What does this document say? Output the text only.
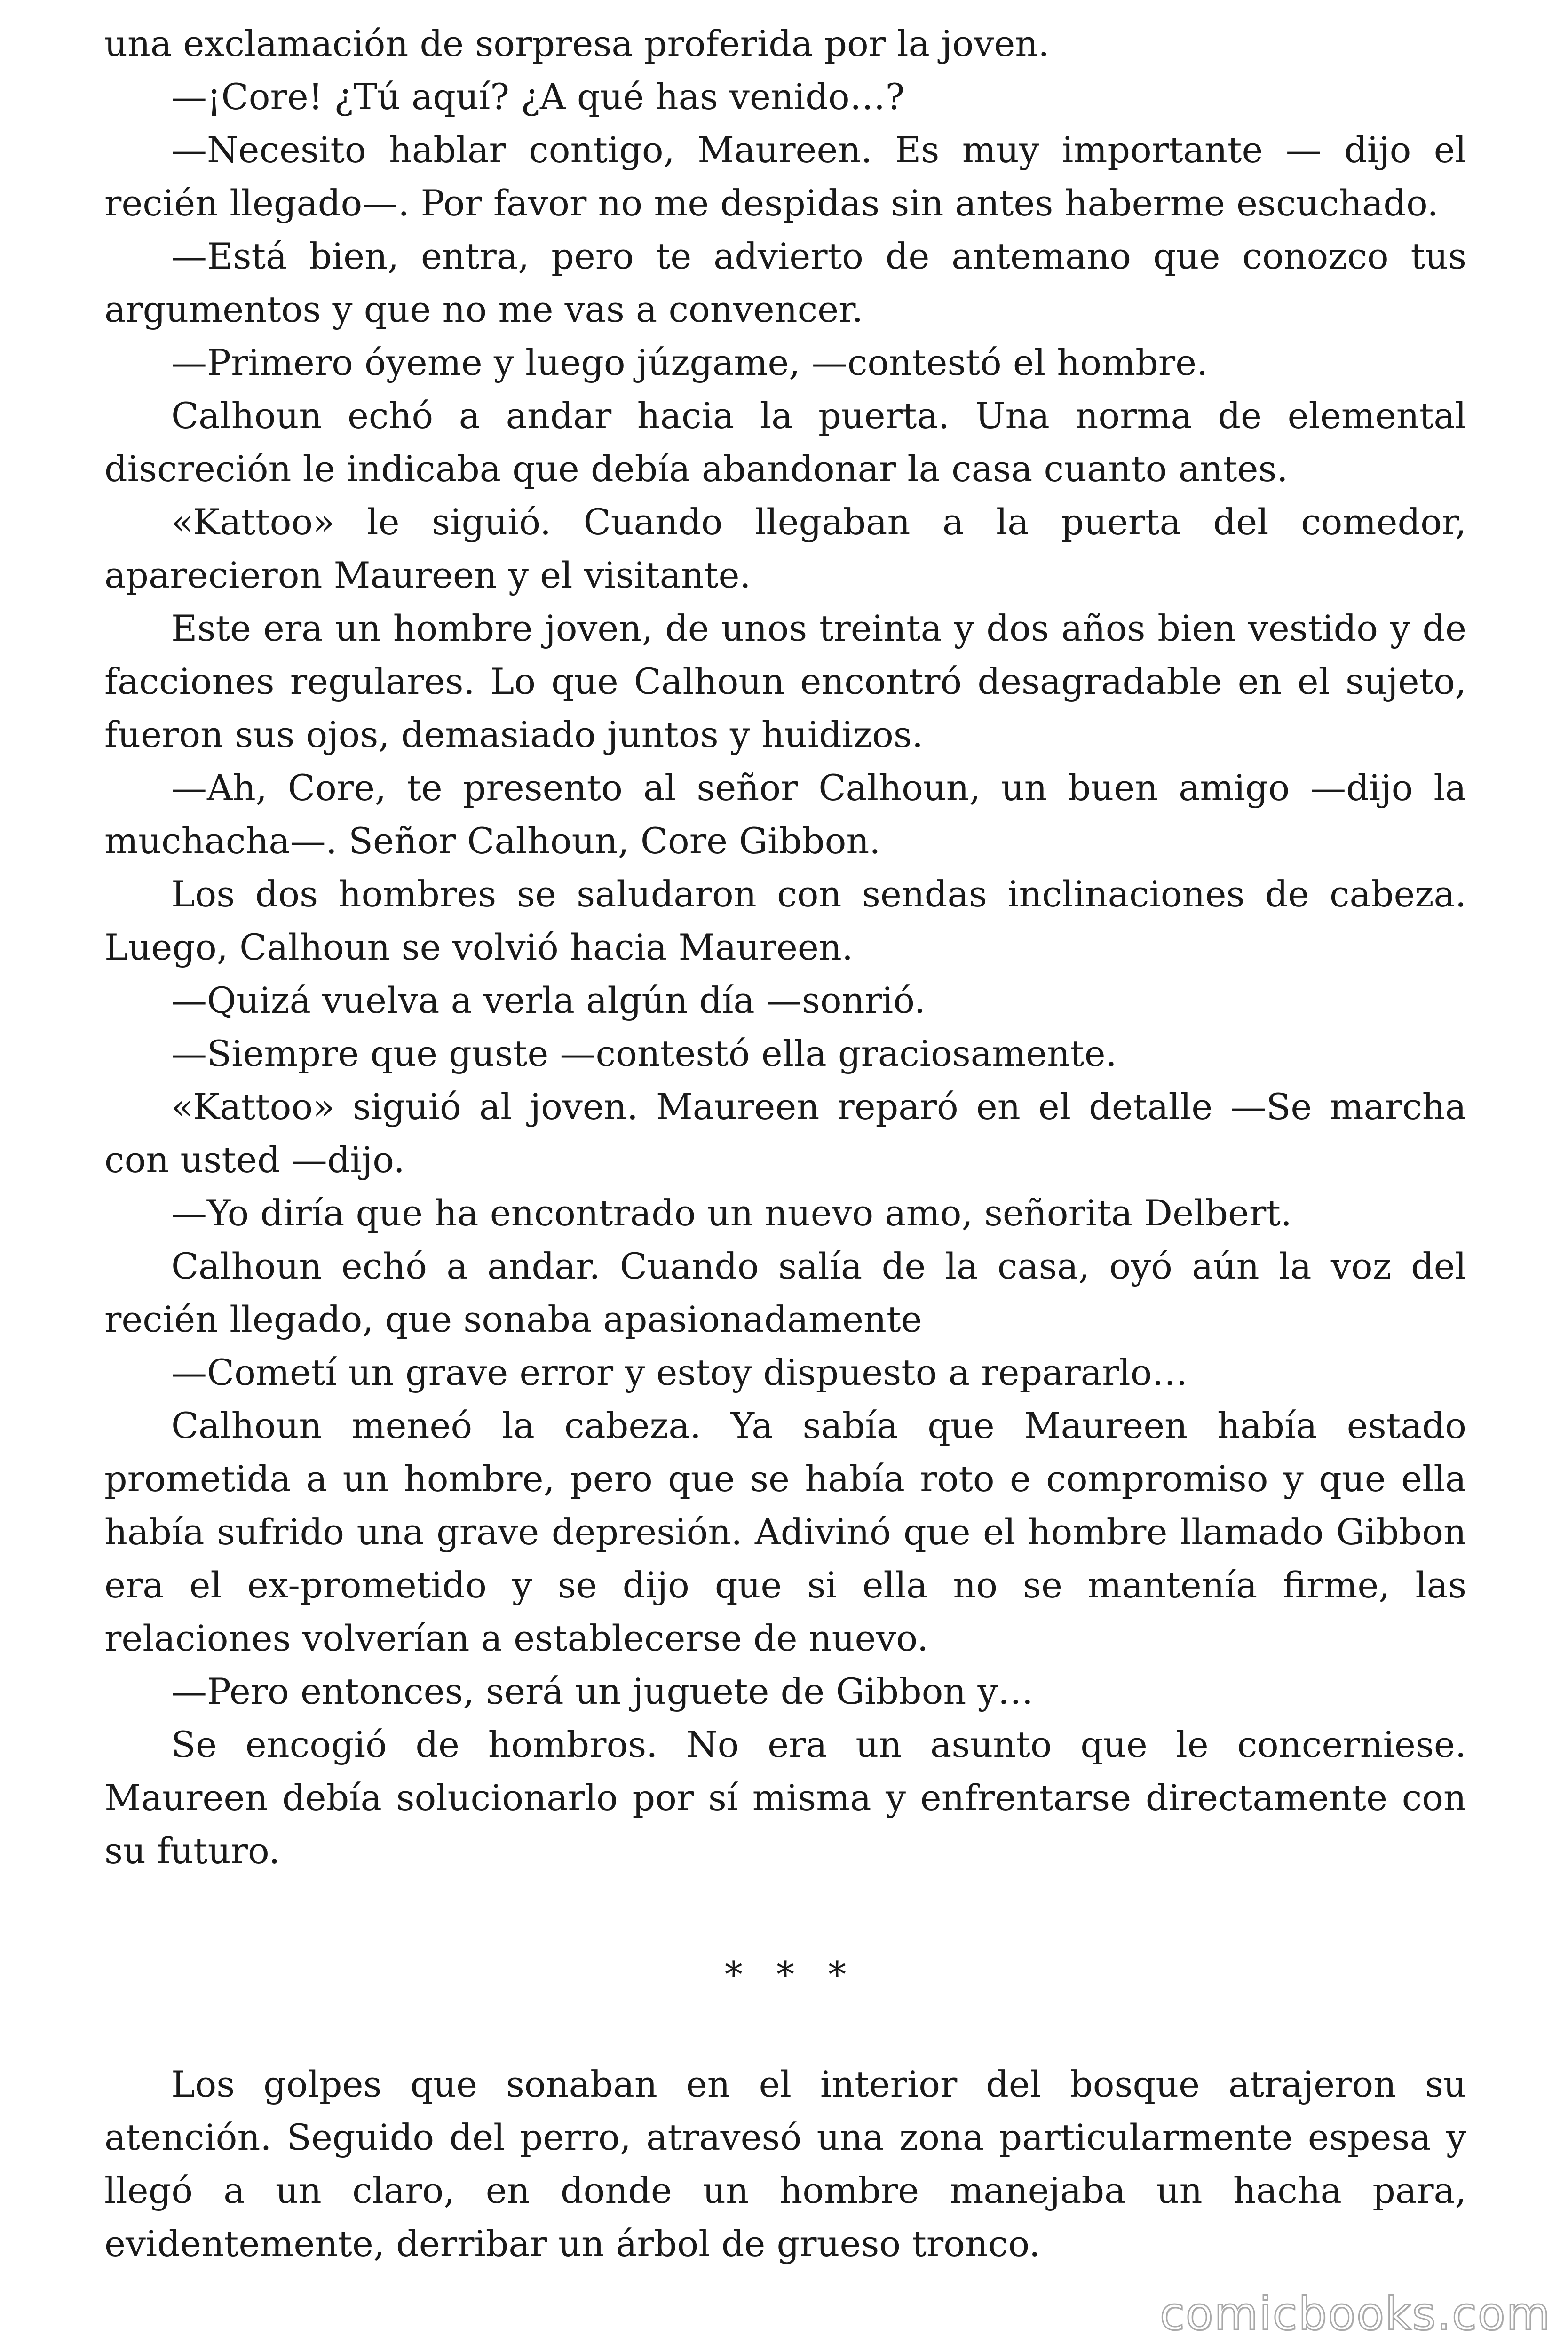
una exclamación de sorpresa proferida por la joven.

—¡Core! ¿Tú aquí? ¿A qué has venido…?

—Necesito hablar contigo, Maureen. Es muy importante — dijo el recién llegado—. Por favor no me despidas sin antes haberme escuchado.

—Está bien, entra, pero te advierto de antemano que conozco tus argumentos y que no me vas a convencer.

—Primero óyeme y luego júzgame, —contestó el hombre.

Calhoun echó a andar hacia la puerta. Una norma de elemental discreción le indicaba que debía abandonar la casa cuanto antes.

«Kattoo» le siguió. Cuando llegaban a la puerta del comedor, aparecieron Maureen y el visitante.

Este era un hombre joven, de unos treinta y dos años bien vestido y de facciones regulares. Lo que Calhoun encontró desagradable en el sujeto, fueron sus ojos, demasiado juntos y huidizos.

—Ah, Core, te presento al señor Calhoun, un buen amigo —dijo la muchacha—. Señor Calhoun, Core Gibbon.

Los dos hombres se saludaron con sendas inclinaciones de cabeza. Luego, Calhoun se volvió hacia Maureen.

—Quizá vuelva a verla algún día —sonrió.

—Siempre que guste —contestó ella graciosamente.

«Kattoo» siguió al joven. Maureen reparó en el detalle —Se marcha con usted —dijo.

—Yo diría que ha encontrado un nuevo amo, señorita Delbert.

Calhoun echó a andar. Cuando salía de la casa, oyó aún la voz del recién llegado, que sonaba apasionadamente

—Cometí un grave error y estoy dispuesto a repararlo…

Calhoun meneó la cabeza. Ya sabía que Maureen había estado prometida a un hombre, pero que se había roto e compromiso y que ella había sufrido una grave depresión. Adivinó que el hombre llamado Gibbon era el ex-prometido y se dijo que si ella no se mantenía firme, las relaciones volverían a establecerse de nuevo.

—Pero entonces, será un juguete de Gibbon y…

Se encogió de hombros. No era un asunto que le concerniese. Maureen debía solucionarlo por sí misma y enfrentarse directamente con su futuro.

* * *

Los golpes que sonaban en el interior del bosque atrajeron su atención. Seguido del perro, atravesó una zona particularmente espesa y llegó a un claro, en donde un hombre manejaba un hacha para, evidentemente, derribar un árbol de grueso tronco.

comicbooks.com
